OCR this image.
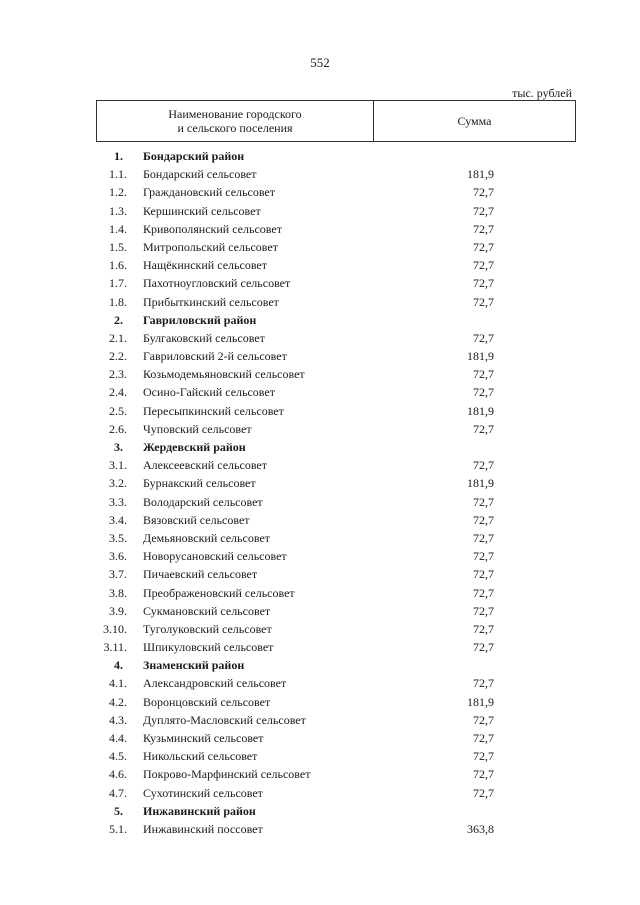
552
тыс. рублей
Наименование городского
и сельского поселения
Сумма
1. Бондарский район
1.1. Бондарский сельсовет	181,9
1.2. Граждановский сельсовет	72,7
1.3. Кершинский сельсовет	72,7
1.4. Кривополянский сельсовет	72,7
1.5. Митропольский сельсовет	72,7
1.6. Нащёкинский сельсовет	72,7
1.7. Пахотноугловский сельсовет	72,7
1.8. Прибыткинский сельсовет	72,7
2. Гавриловский район
2.1. Булгаковский сельсовет	72,7
2.2. Гавриловский 2-й сельсовет	181,9
2.3. Козьмодемьяновский сельсовет	72,7
2.4. Осино-Гайский сельсовет	72,7
2.5. Пересыпкинский сельсовет	181,9
2.6. Чуповский сельсовет	72,7
3. Жердевский район
3.1. Алексеевский сельсовет	72,7
3.2. Бурнакский сельсовет	181,9
3.3. Володарский сельсовет	72,7
3.4. Вязовский сельсовет	72,7
3.5. Демьяновский сельсовет	72,7
3.6. Новорусановский сельсовет	72,7
3.7. Пичаевский сельсовет	72,7
3.8. Преображеновский сельсовет	72,7
3.9. Сукмановский сельсовет	72,7
3.10. Туголуковский сельсовет	72,7
3.11. Шпикуловский сельсовет	72,7
4. Знаменский район
4.1. Александровский сельсовет	72,7
4.2. Воронцовский сельсовет	181,9
4.3. Дуплято-Масловский сельсовет	72,7
4.4. Кузьминский сельсовет	72,7
4.5. Никольский сельсовет	72,7
4.6. Покрово-Марфинский сельсовет	72,7
4.7. Сухотинский сельсовет	72,7
5. Инжавинский район
5.1. Инжавинский поссовет	363,8
